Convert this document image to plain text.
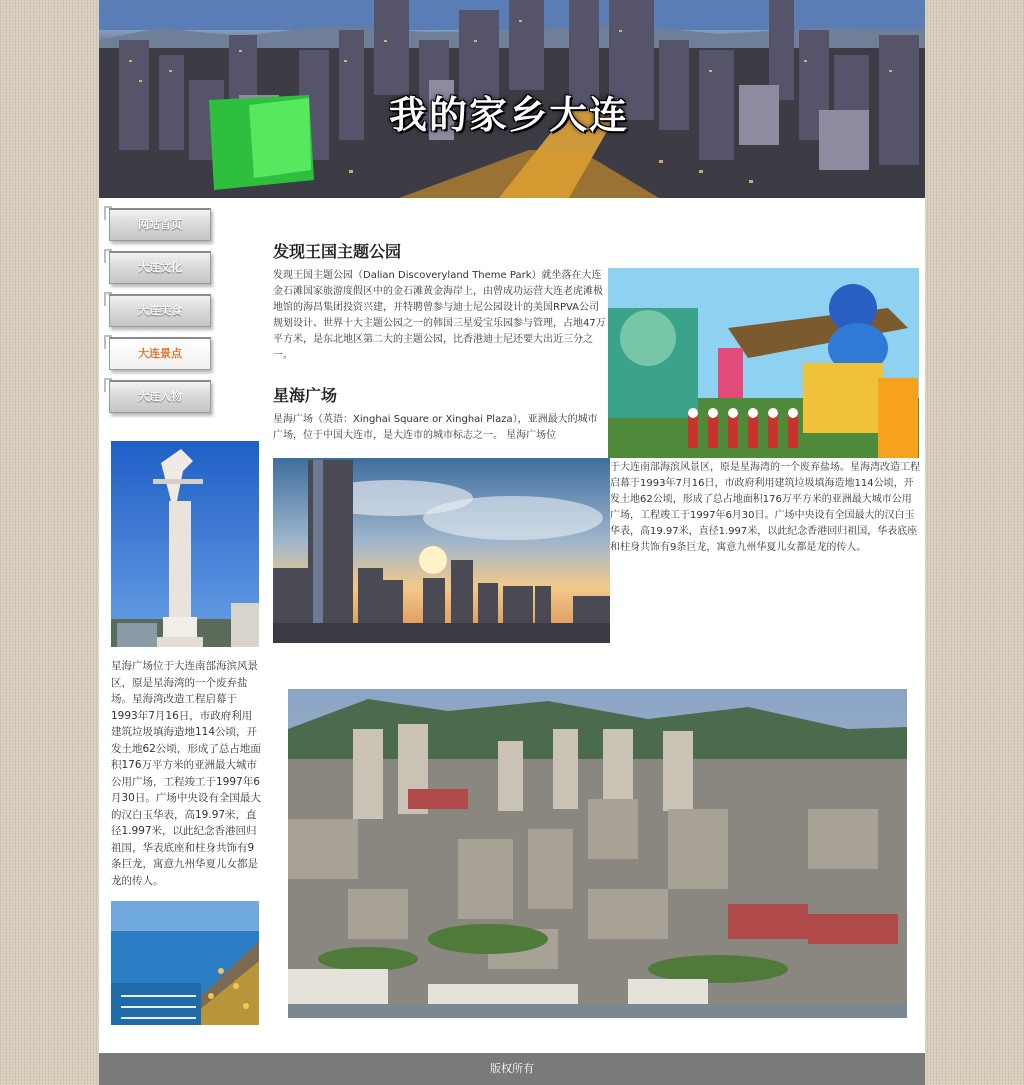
我的家乡大连
网站首页
大连文化
大连美食
大连景点
大连人物
星海广场位于大连南部海滨风景区，原是星海湾的一个废弃盐场。星海湾改造工程启幕于1993年7月16日，市政府利用建筑垃圾填海造地114公顷，开发土地62公顷，形成了总占地面积176万平方米的亚洲最大城市公用广场，工程竣工于1997年6月30日。广场中央设有全国最大的汉白玉华表，高19.97米，直径1.997米，以此纪念香港回归祖国，华表底座和柱身共饰有9条巨龙，寓意九州华夏儿女都是龙的传人。
发现王国主题公园

发现王国主题公园（Dalian Discoveryland Theme Park）就坐落在大连金石滩国家旅游度假区中的金石滩黄金海岸上，由曾成功运营大连老虎滩极地馆的海昌集团投资兴建，并特聘曾参与迪士尼公园设计的美国RPVA公司规划设计、世界十大主题公园之一的韩国三星爱宝乐园参与管理，占地47万平方米，是东北地区第二大的主题公园，比香港迪士尼还要大出近三分之一。

星海广场

星海广场（英语：Xinghai Square or Xinghai Plaza），亚洲最大的城市广场，位于中国大连市，是大连市的城市标志之一。 星海广场位

于大连南部海滨风景区，原是星海湾的一个废弃盐场。星海湾改造工程启幕于1993年7月16日，市政府利用建筑垃圾填海造地114公顷，开发土地62公顷，形成了总占地面积176万平方米的亚洲最大城市公用广场，工程竣工于1997年6月30日。广场中央设有全国最大的汉白玉华表，高19.97米，直径1.997米，以此纪念香港回归祖国，华表底座和柱身共饰有9条巨龙，寓意九州华夏儿女都是龙的传人。

版权所有
